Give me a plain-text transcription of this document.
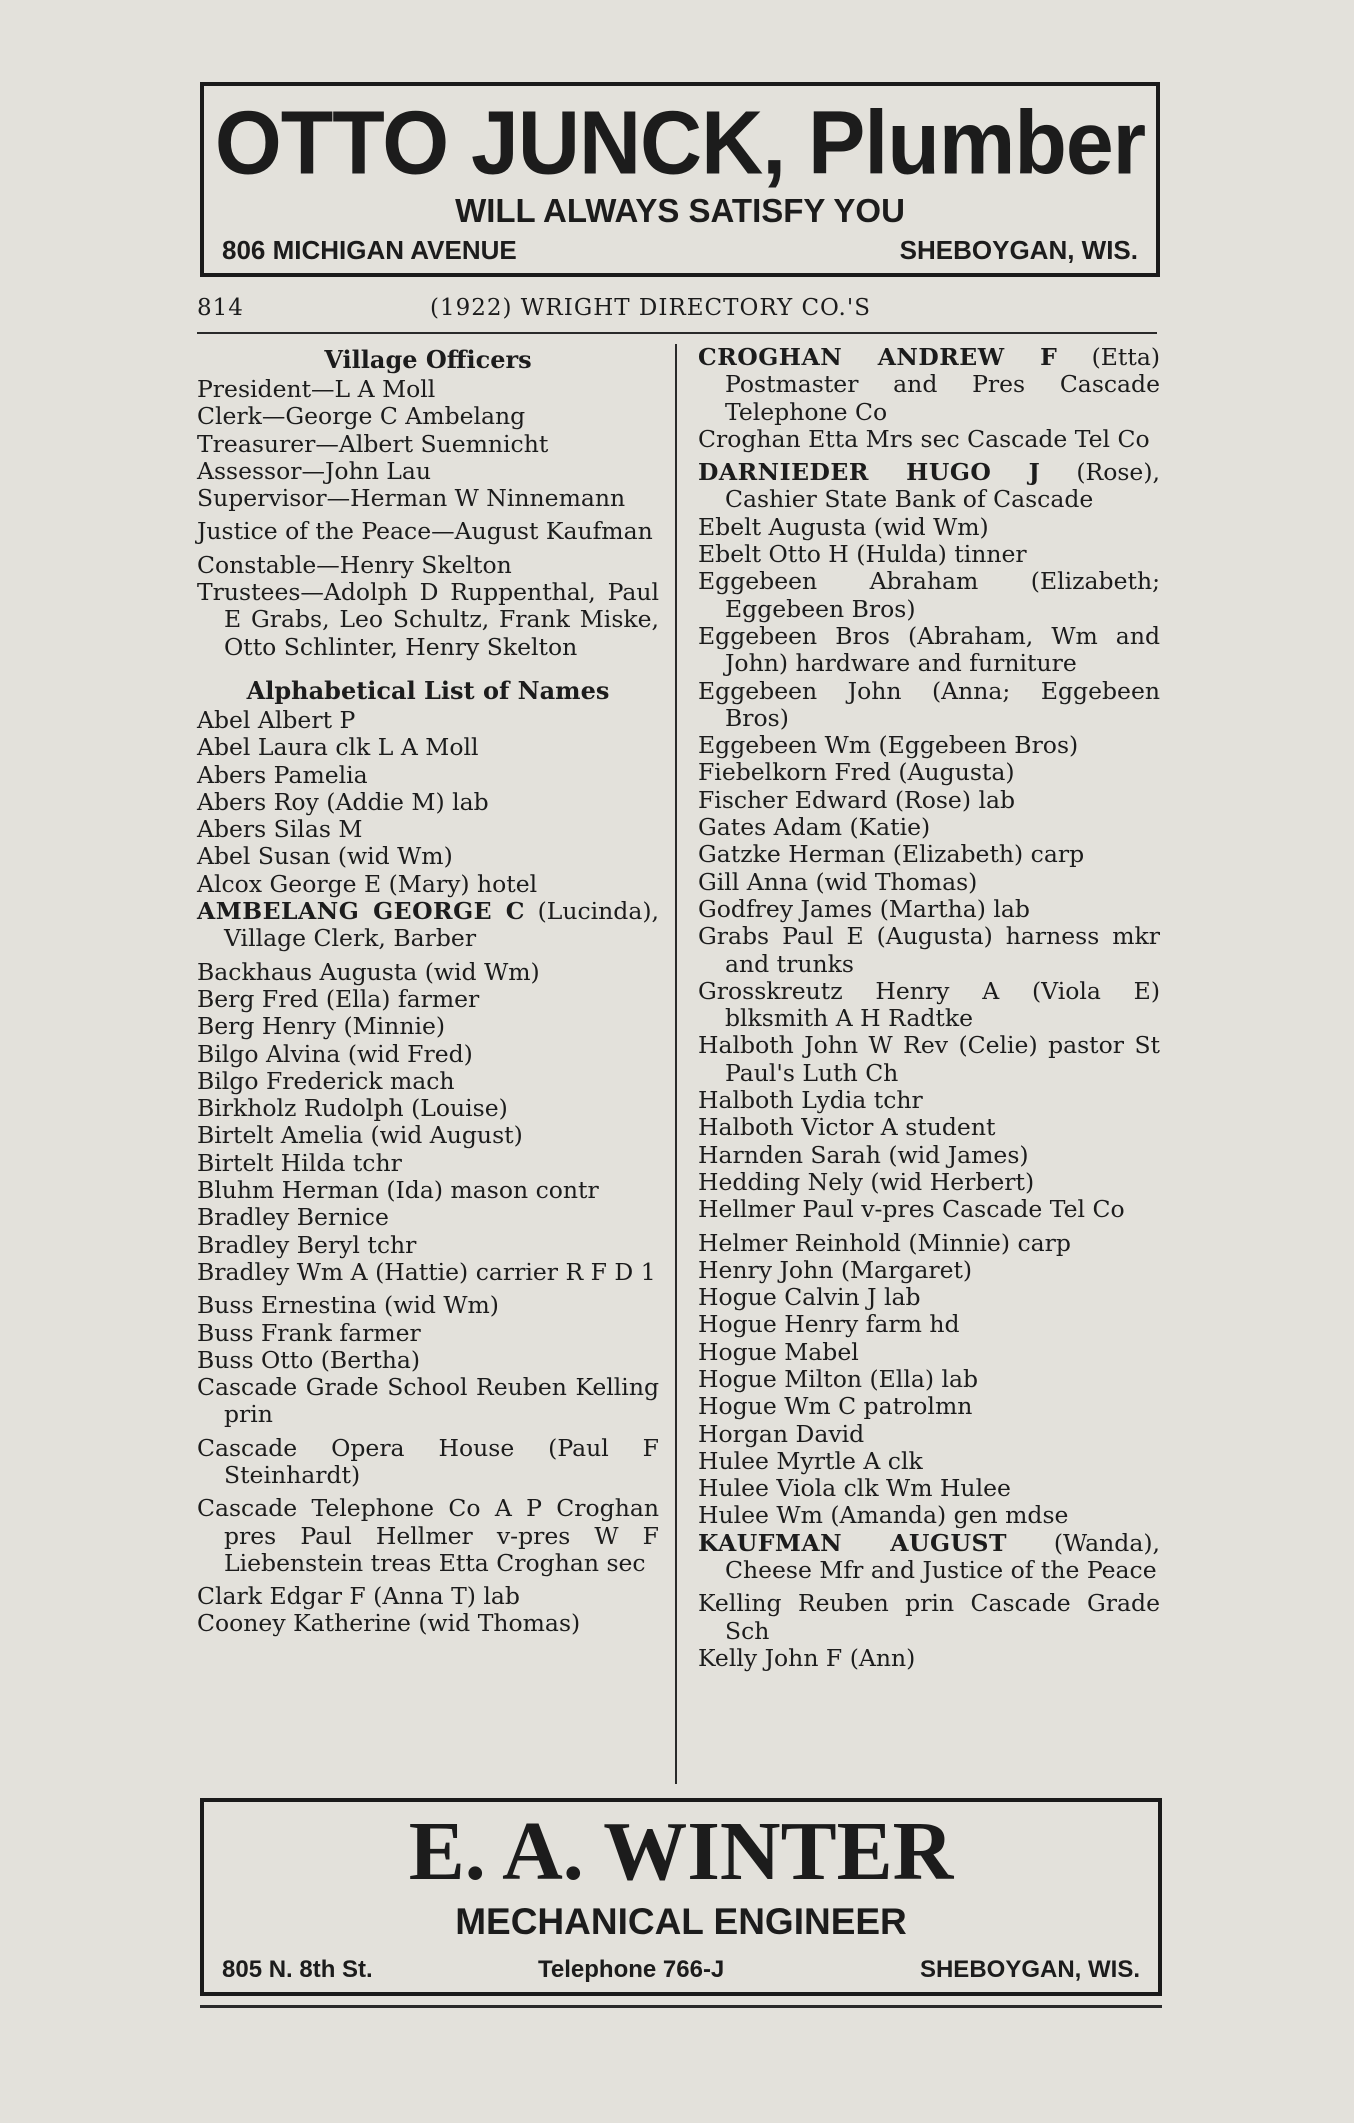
OTTO JUNCK, Plumber
WILL ALWAYS SATISFY YOU
806 MICHIGAN AVENUE	SHEBOYGAN, WIS.
814	(1922) WRIGHT DIRECTORY CO.'S

Village Officers

President—L A Moll

Clerk—George C Ambelang

Treasurer—Albert Suemnicht

Assessor—John Lau

Supervisor—Herman W Ninnemann

Justice of the Peace—August Kaufman

Constable—Henry Skelton

Trustees—Adolph D Ruppenthal, Paul E Grabs, Leo Schultz, Frank Miske, Otto Schlinter, Henry Skelton

Alphabetical List of Names

Abel Albert P

Abel Laura clk L A Moll

Abers Pamelia

Abers Roy (Addie M) lab

Abers Silas M

Abel Susan (wid Wm)

Alcox George E (Mary) hotel

AMBELANG GEORGE C (Lucinda), Village Clerk, Barber

Backhaus Augusta (wid Wm)

Berg Fred (Ella) farmer

Berg Henry (Minnie)

Bilgo Alvina (wid Fred)

Bilgo Frederick mach

Birkholz Rudolph (Louise)

Birtelt Amelia (wid August)

Birtelt Hilda tchr

Bluhm Herman (Ida) mason contr

Bradley Bernice

Bradley Beryl tchr

Bradley Wm A (Hattie) carrier R F D 1

Buss Ernestina (wid Wm)

Buss Frank farmer

Buss Otto (Bertha)

Cascade Grade School Reuben Kelling prin

Cascade Opera House (Paul F Steinhardt)

Cascade Telephone Co A P Croghan pres Paul Hellmer v-pres W F Liebenstein treas Etta Croghan sec

Clark Edgar F (Anna T) lab

Cooney Katherine (wid Thomas)

CROGHAN ANDREW F (Etta) Postmaster and Pres Cascade Telephone Co

Croghan Etta Mrs sec Cascade Tel Co

DARNIEDER HUGO J (Rose), Cashier State Bank of Cascade

Ebelt Augusta (wid Wm)

Ebelt Otto H (Hulda) tinner

Eggebeen Abraham (Elizabeth; Eggebeen Bros)

Eggebeen Bros (Abraham, Wm and John) hardware and furniture

Eggebeen John (Anna; Eggebeen Bros)

Eggebeen Wm (Eggebeen Bros)

Fiebelkorn Fred (Augusta)

Fischer Edward (Rose) lab

Gates Adam (Katie)

Gatzke Herman (Elizabeth) carp

Gill Anna (wid Thomas)

Godfrey James (Martha) lab

Grabs Paul E (Augusta) harness mkr and trunks

Grosskreutz Henry A (Viola E) blksmith A H Radtke

Halboth John W Rev (Celie) pastor St Paul's Luth Ch

Halboth Lydia tchr

Halboth Victor A student

Harnden Sarah (wid James)

Hedding Nely (wid Herbert)

Hellmer Paul v-pres Cascade Tel Co

Helmer Reinhold (Minnie) carp

Henry John (Margaret)

Hogue Calvin J lab

Hogue Henry farm hd

Hogue Mabel

Hogue Milton (Ella) lab

Hogue Wm C patrolmn

Horgan David

Hulee Myrtle A clk

Hulee Viola clk Wm Hulee

Hulee Wm (Amanda) gen mdse

KAUFMAN AUGUST (Wanda), Cheese Mfr and Justice of the Peace

Kelling Reuben prin Cascade Grade Sch

Kelly John F (Ann)

E. A. WINTER
MECHANICAL ENGINEER
805 N. 8th St.	Telephone 766-J	SHEBOYGAN, WIS.
